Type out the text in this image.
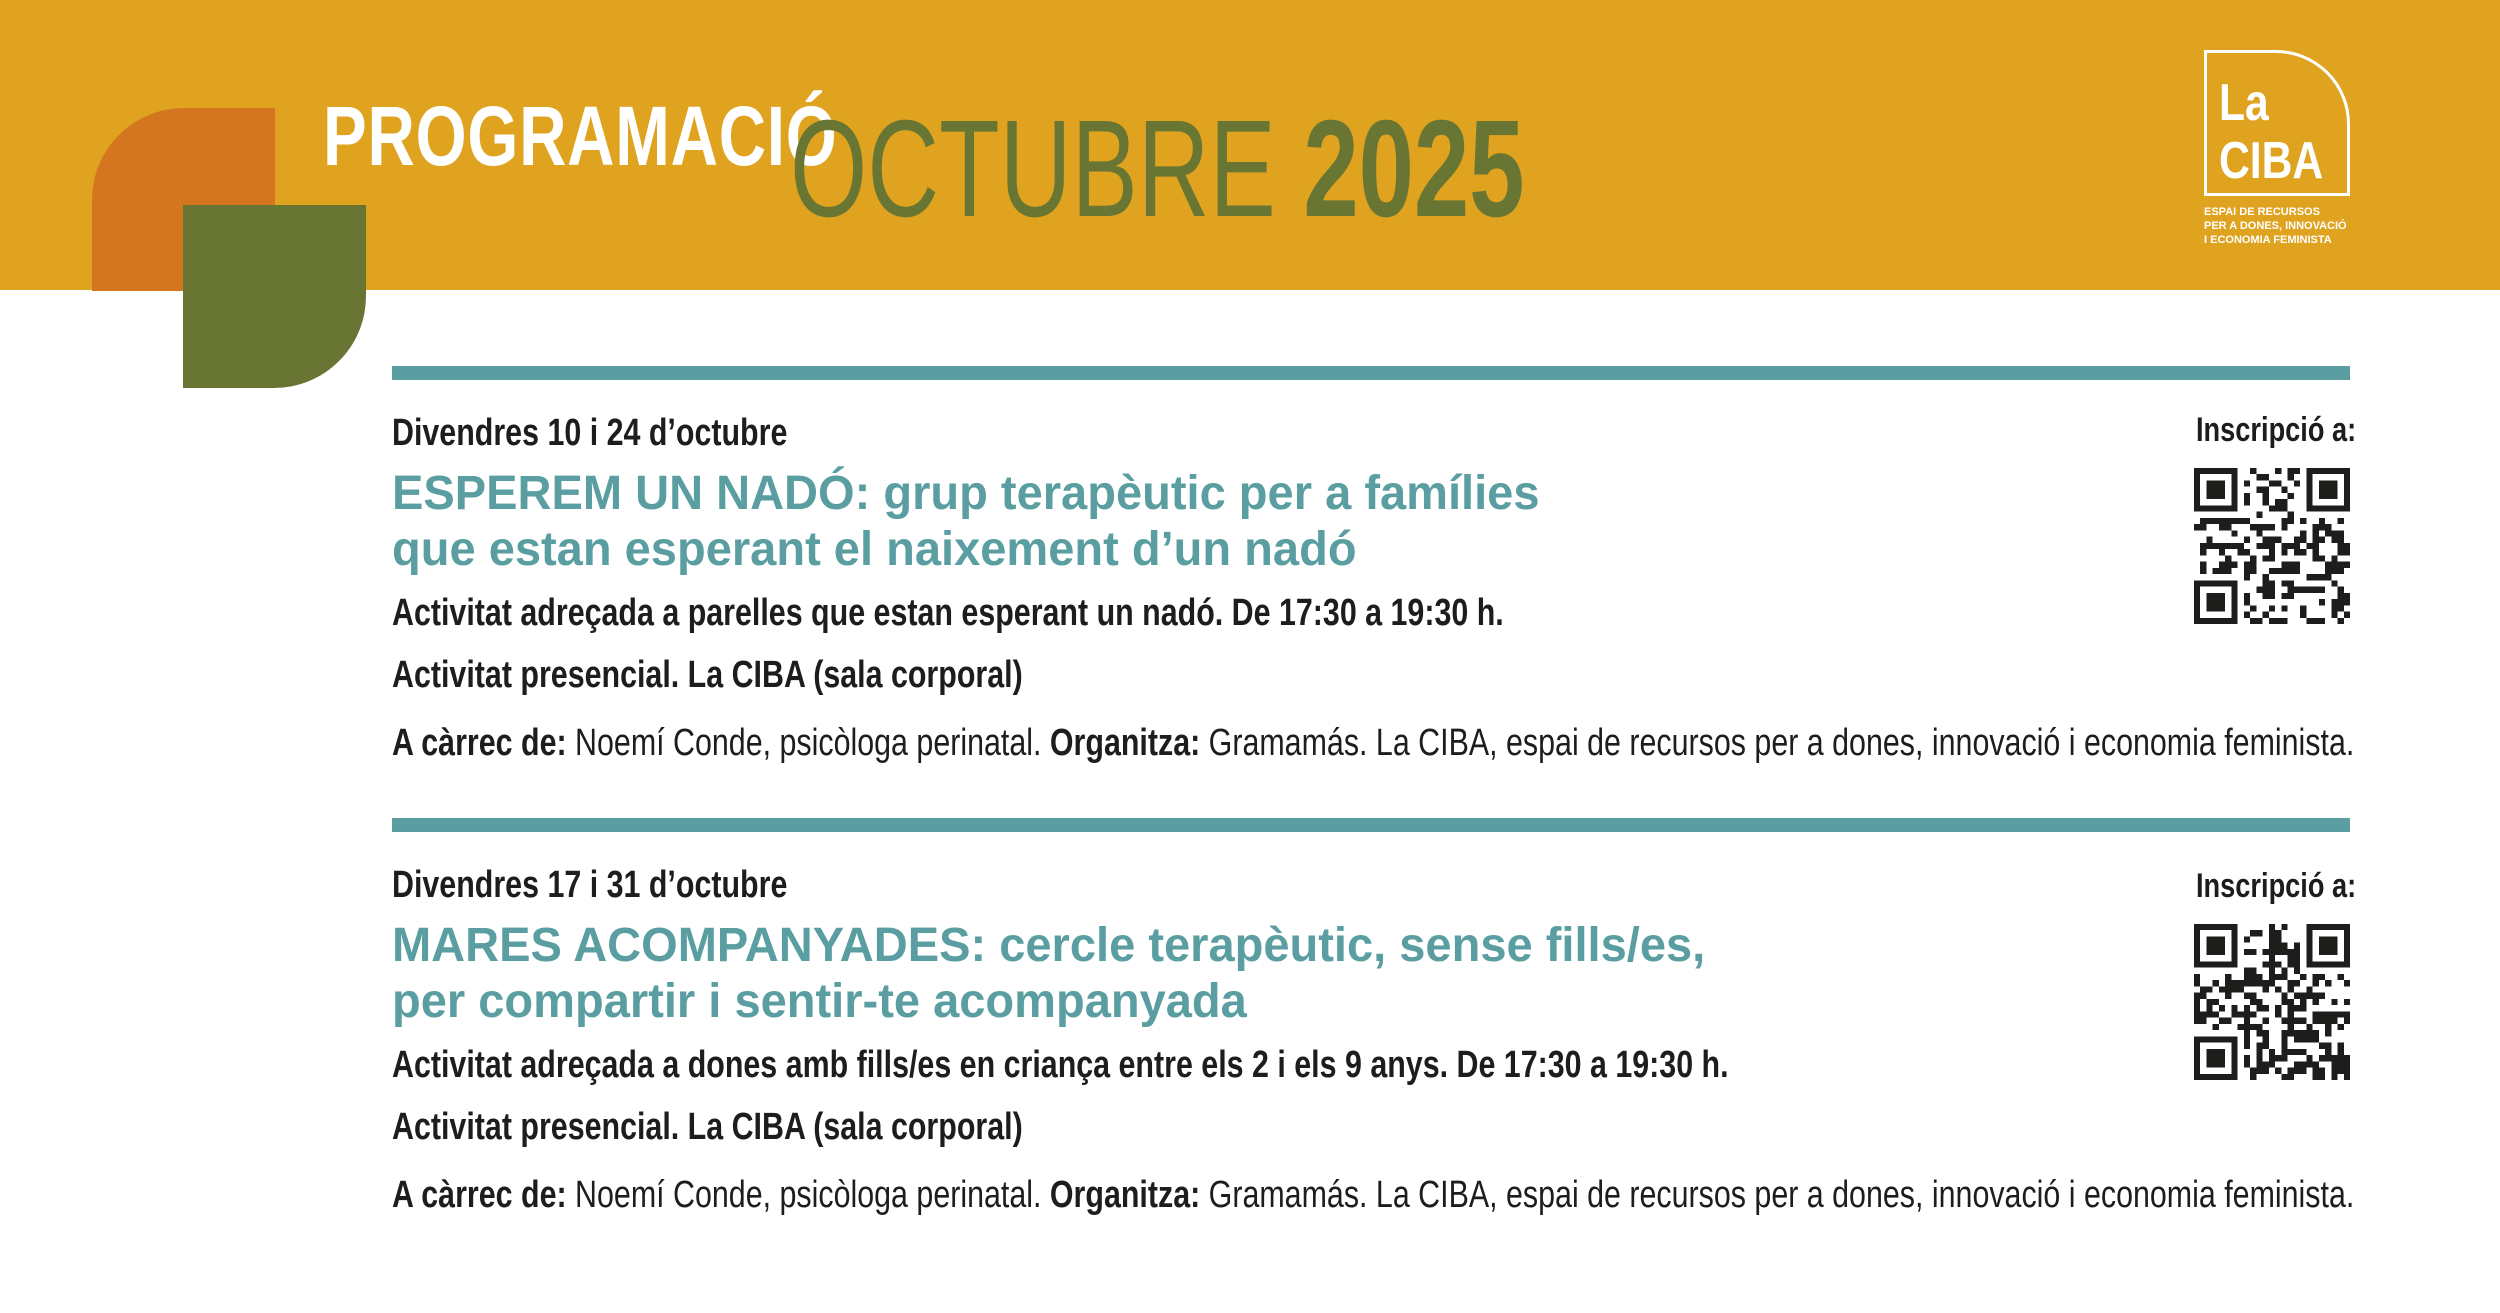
PROGRAMACIÓ
OCTUBRE 2025	La
CIBA
ESPAI DE RECURSOS
PER A DONES, INNOVACIÓ
I ECONOMIA FEMINISTA
Divendres 10 i 24 d’octubre
ESPEREM UN NADÓ: grup terapèutic per a famílies
que estan esperant el naixement d’un nadó
Activitat adreçada a parelles que estan esperant un nadó. De 17:30 a 19:30 h.
Activitat presencial. La CIBA (sala corporal)
A càrrec de: Noemí Conde, psicòloga perinatal. Organitza: Gramamás. La CIBA, espai de recursos per a dones, innovació i economia feminista.
Inscripció a:
Divendres 17 i 31 d’octubre
MARES ACOMPANYADES: cercle terapèutic, sense fills/es,
per compartir i sentir-te acompanyada
Activitat adreçada a dones amb fills/es en criança entre els 2 i els 9 anys. De 17:30 a 19:30 h.
Activitat presencial. La CIBA (sala corporal)
A càrrec de: Noemí Conde, psicòloga perinatal. Organitza: Gramamás. La CIBA, espai de recursos per a dones, innovació i economia feminista.
Inscripció a:
